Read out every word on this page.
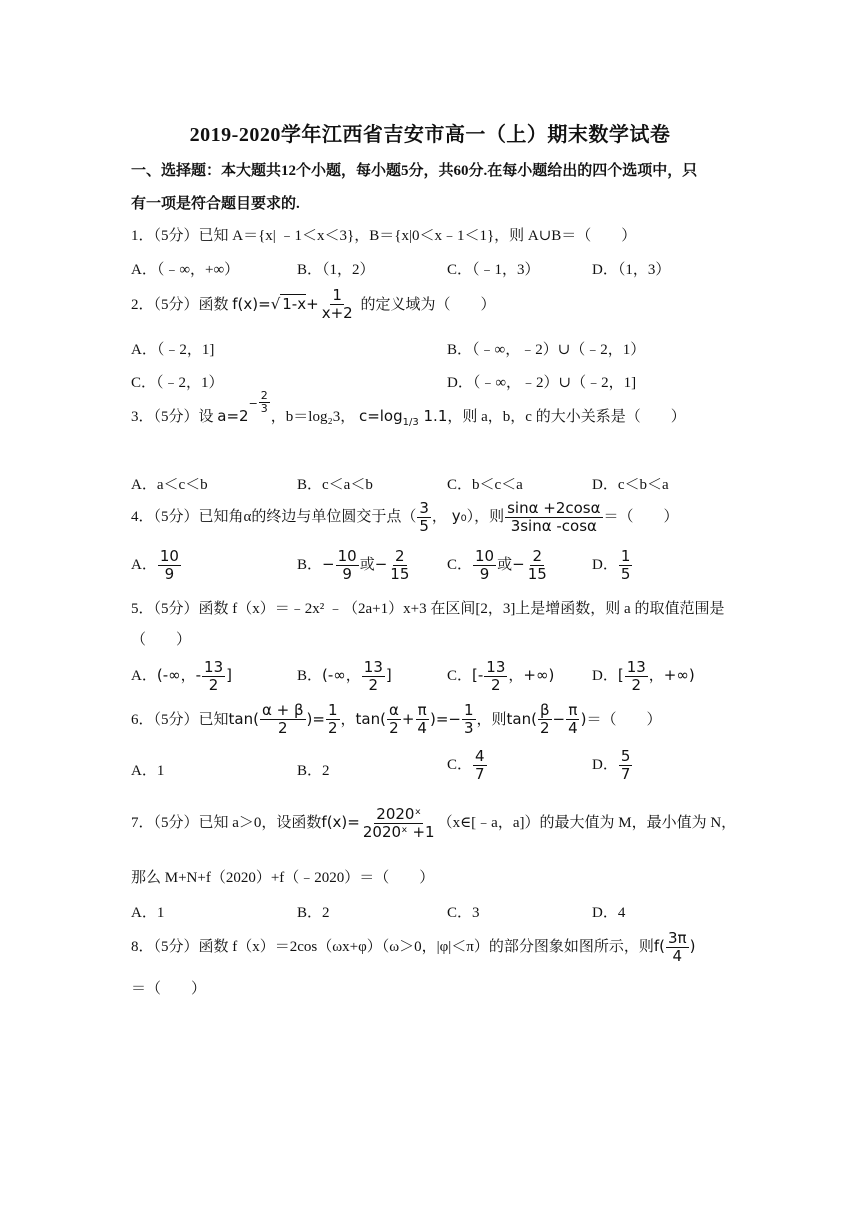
2019-2020学年江西省吉安市高一（上）期末数学试卷
一、选择题：本大题共12个小题，每小题5分，共60分.在每小题给出的四个选项中，只
有一项是符合题目要求的.
1．（5分）已知 A＝{x| ﹣1＜x＜3}，B＝{x|0＜x﹣1＜1}，则 A∪B＝（　　）
A．（﹣∞，+∞）	B．（1，2）	C．（﹣1，3）	D．（1，3）
2．（5分）函数 f(x)=√ $1-x+ \frac{1}{x+2}$ 的定义域为（　　）
A．（﹣2，1]	B．（﹣∞，﹣2）∪（﹣2，1）
C．（﹣2，1）	D．（﹣∞，﹣2）∪（﹣2，1]
3．（5分）设 $a=2^- \frac{2}{3}$
，b＝log₂3， $c=\log_{1/3}$ 1.1，则 a，b，c 的大小关系是（　　）
A．a＜c＜b	B．c＜a＜b	C．b＜c＜a	D．c＜b＜a
4．（5分）已知角α的终边与单位圆交于点（ $\frac{3}{5}$ ， y₀），则 $\frac{\sin\alpha +2\cos\alpha}{3\sin\alpha -\cos\alpha}$ ＝（　　）
A． $\frac{10}{9}$	B．− $\frac{10}{9}$ 或− $\frac{2}{15}$ C． $\frac{10}{9}$ 或− $\frac{2}{15}$	D． $\frac{1}{5}$
5．（5分）函数 f（x）＝﹣2x² ﹣（2a+1）x+3 在区间[2，3]上是增函数，则 a 的取值范围是
（　　）
A．(-∞，- $\frac{13}{2}$ ]	B．(-∞， $\frac{13}{2}$ ]	C．[- $\frac{13}{2}$ ，+∞)	D．[ $\frac{13}{2}$ ，+∞)
6．（5分）已知$\tan( \frac{\alpha + \beta}{2}$ )= $\frac{1}{2}$ ，$\tan( \frac{\alpha}{2} + \frac{\pi}{4}$ )=− $\frac{1}{3}$ ，则$\tan( \frac{\beta}{2} - \frac{\pi}{4}$ )＝（　　）
A．1	B．2	C． $\frac{4}{7}$	D． $\frac{5}{7}$
7．（5分）已知 a＞0，设函数$f(x)= \frac{\text{2020ˣ}}{\text{2020ˣ +1}}$ （x∈[﹣a，a]）的最大值为 M，最小值为 N，
那么 M+N+f（2020）+f（﹣2020）＝（　　）
A．1	B．2	C．3	D．4
8．（5分）函数 f（x）＝2cos（ωx+φ）（ω＞0，|φ|＜π）的部分图象如图所示，则$f( \frac{3\pi}{4}$ )
＝（　　）
